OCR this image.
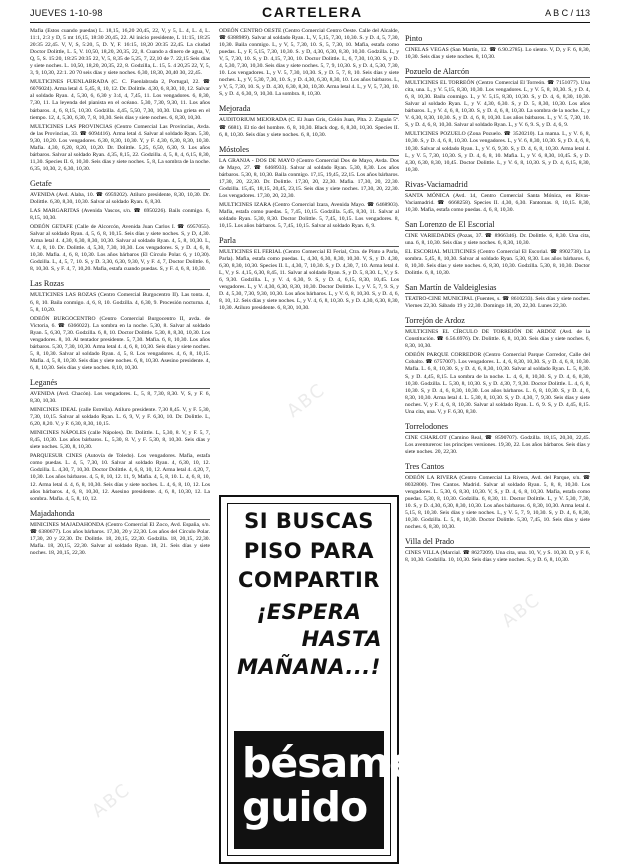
JUEVES 1-10-98	CARTELERA	A B C / 113

Mafia (Estos cuando puedas) L. 18,15, 16,20 20,45, 22, V, y 5, L. 4, L. 4, L. 11:1, 2:3 y D, 5 mt 16,15, 18:30 20,45, 22. Al inicio presidente, L 11:15, 18:25 20:35 22,45. V, V, S, 5:20, 5, D. Y, F. 16:15, 18,20 20:35 22,45. La ciudad Doctor Dolittle, L. 5, V. 10,50, 18,20, 20,35, 22, 8. Cuando a dinero de agua, V, Q, 5, S. 15:20, 18:25 20:35 22, V, 5, 8,35 de 5,25, 7, 22,10 de 7. 22,15 Seis días y siete noches. L. 10,50, 18,20, 20,35, 22, 8. Godzilla, L. 15, 5. 4 20,25 22, Y, 5, 3, 9, 10,30, 22:1. 20 70 seis días y siete noches. 6,30, 18,30, 20,40 30, 22,45.

MULTICINES FUENLABRADA (C. C. Fuenlabrada 2, Portugal, 22. ☎ 6076024). Arma letal 4. 5,45, 8, 10, 12. Dr. Dolittle. 4,30, 6, 8,30, 10, 12. Salvar al soldado Ryan. 4, 5,30, 6, 6,30 y 3:4, 4, 7,45, 11. Los vengadores. 6, 8,30, 7,30, 11. La leyenda del pianista en el océano. 5,30, 7,30, 9,30, 11. Los años bárbaros. 4, 6, 8,15, 10,30. Godzilla. 4,45, 5,50, 7,30, 10,30. Una grieta en el tiempo. 12, 4, 5,30, 6,30, 7, 8, 10,30. Seis días y siete noches. 6, 8,30, 10,30.

MULTICINES LAS PROVINCIAS (Centro Comercial Las Provincias, Avda. de las Provincias, 33. ☎ 6094416). Arma letal 4. Salvar al soldado Ryan. 5,30, 9,30, 10,20. Los vengadores. 6,30, 8,30, 10,30. Y, y F. 4,30, 6,30, 8,30, 10,30. Mafia. 4,30, 6,20, 8,20, 10,20. Dr. Dolittle. 5,25, 6,50, 6,30, 9. Los años bárbaros. Salvar al soldado Ryan. 4,35, 8,15, 22. Godzilla. 4, 5, 8, 4, 6,15, 8,30, 11,30. Species II. 6, 10,30. Seis días y siete noches. 5, 8, La sombra de la noche. 6,35, 10,30, 2, 6,30, 10,30.

Getafe

AVENIDA (Avd. Alaba, 10. ☎ 6959202). Atiluro presidente, 8,30, 10,30. Dr. Dolittle. 6,30, 8,30, 10,30. Salvar al soldado Ryan. 6, 8,30.

LAS MARGARITAS (Avenida Vascos, s/n. ☎ 6950226). Bails conmigo. 6, 8,15, 10,30.

ODEÓN GETAFE (Calle de Alcorcón, Avenida Juan Carlos I. ☎ 6957055). Salvar al soldado Ryan. 4, 5, 6, 8, 10,15. Seis días y siete noches. S, y D, 4,30. Arma letal 4. 4,30, 6,30, 8,30, 10,30. Salvar al soldado Ryan. 4, 5, 8, 10,30. L, V. 4, 8, 10. Dr. Dolittle. 4, 5,30, 7,30, 10,30. Los vengadores. S, y D. 4, 6, 8, 10,30. Mafia. 4, 6, 8, 10,30. Los años bárbaros (El Círculo Polar. 6, y 10,30). Godzilla. L, 4, 5, 7, 10. S, y D. 3,30, 6,30, 9,30, V, y F. 4, 7, Doctor Dolittle. 6, 8, 10,30. S, y F. 4, 7, 10,20. Mafia, estafa cuando puedas. S, y F. 4, 6, 8, 10,30.

Las Rozas

MULTICINES LAS ROZAS (Centro Comercial Burgocentro II). Las tonta. 4, 6, 8, 10. Baila conmigo. 4, 6, 8, 10. Godzilla. 4, 6,30, 9. Procesión nocturna. 4, 5, 8, 10,20.

ODEÓN BURGOCENTRO (Centro Comercial Burgocentro II, avda. de Victoria, 6. ☎ 6366022). La sombra en la noche. 5,30, 8. Salvar al soldado Ryan. 5, 6,30, 7,30. Godzilla. 6, 8, 10. Doctor Dolittle. 5,30, 8, 8,30, 10,30. Los vengadores. 8, 10. Al tentador presidente. 5, 7,30. Mafia. 6, 8, 10,30. Los años bárbaros. 5,30, 7,30, 10,30. Arma letal 4. 4, 6, 8, 10,30. Seis días y siete noches. 5, 8, 10,30. Salvar al soldado Ryan. 4, 5, 8. Los vengadores. 4, 6, 8, 10,15. Mafia. 4, 5, 8, 10,30. Seis días y siete noches. 6, 8, 10,30. Asesino presidente. 4, 6, 8, 10,30. Seis días y siete noches. 8,10, 10,30.

Leganés

AVENIDA (Avd. Chacón). Los vengadores. L, 5, 8, 7,30, 8,30. V, S, y F. 6, 8,30, 10,30.

MINICINES IDEAL (calle Estrella). Atiluro presidente. 7,30 8,45. V, y F. 5,30, 7,30, 10,15. Salvar al soldado Ryan. L. 6, 9, V, y F. 6,30, 10. Dr. Dolittle. L, 6,20, 8,20. V, y F. 6,30, 8,30, 10,15.

MINICINES NÁPOLES (calle Nápoles). Dr. Dolittle. L, 5,30, 8. V, y F. 5, 7, 8,45, 10,30. Los años bárbaros. L, 5,30, 8. V, y F. 5,30, 8, 10,30. Seis días y siete noches. 5,30, 8, 10,30.

PARQUESUR CINES (Autovía de Toledo). Los vengadores. Mafia, estafa como puedas. L. 4, 5, 7,30, 10. Salvar al soldado Ryan. 4, 6,30, 10, 12. Godzilla. L. 4,30, 7, 10,30. Doctor Dolittle. 4, 6, 8, 10, 12. Arma letal 4. 4,20, 7, 10,30. Los años bárbaros. 4, 5, 8, 10, 12. 11, 9, Mafia. 4, 5, 8, 10. L. 4, 6, 8, 10, 12. Arma letal 4. 4, 6, 8, 10,30. Seis días y siete noches. L. 4, 6, 8, 10, 12. Los años bárbaros. 4, 6, 8, 10,30, 12. Asesino presidente. 4, 6, 8, 10,30, 12. La sombra. Mafia. 4, 5, 8, 10, 12.

Majadahonda

MINICINES MAJADAHONDA (Centro Comercial El Zoco, Avd. España, s/n. ☎ 6380677). Los años bárbaros. 17,30, 20 y 22,30. Los años del Círculo Polar. 17,30, 20 y 22,30. Dr. Dolittle. 18, 20,15, 22,30. Godzilla. 18, 20,15, 22,30. Mafia. 18, 20,15, 22,30. Salvar al soldado Ryan. 18, 21. Seis días y siete noches. 18, 20,15, 22,30.

ODEÓN CENTRO OESTE (Centro Comercial Centro Oeste. Calle del Alcalde, ☎ 6388989). Salvar al soldado Ryan. L, V, 5,15, 7,30, 10,30. S. y D. 4, 5, 7,30, 10,30. Baila conmigo. L, y V, 5, 7,30, 10. S, 5, 7,30, 10. Mafia, estafa como puedas. L, y F, 5,15, 7,30, 10,30. S. y D, 4,30, 6,30, 8,30, 10,30. Godzilla. L, y V, 5, 7,30, 10. S, y D. 4,15, 7,30, 10. Doctor Dolittle. L, 6, 7,30, 10,30. S, y D. 4, 5,30, 7,30, 10,30. Seis días y siete noches. 5, 7, 9, 10,30. S, y D. 4, 5,30, 7,30, 10. Los vengadores. L, y V. 5, 7,30, 10,30. S, y D. 5, 7, 8, 10. Seis días y siete noches. L, y V, 5,30, 7,30, 10. S, y D. 4,30, 6,30, 8,30, 10. Los años bárbaros. L, y V, 5, 7,30, 10. S, y D. 4,30, 6,30, 8,30, 10,30. Arma letal 4. L, y V, 5, 7,30, 10. S, y D. 4, 6,30, 9, 10,30. La sombra. 8, 10,30.

Mejorada

AUDITORIUM MEJORADA (C. El Juan Gris, Colón Juan, Plta. 2. Zaguán 5ª. ☎ 6681). El tío del hombre. 6, 8, 10,30. Black dog. 6, 8,30, 10,30. Species II. 6, 8, 10,30. Seis días y siete noches. 6, 8, 10,30.

Móstoles

LA GRANJA - DOS DE MAYO (Centro Comercial Dos de Mayo, Avda. Dos de Mayo, 27. ☎ 6468933). Salvar al soldado Ryan. 5,30, 8,30. Los años bárbaros. 5,30, 8, 10,30. Baila conmigo. 17,15, 19,45, 22,15. Los años bárbaros. 17,30, 20, 22,30. Dr. Dolittle. 17,30, 20, 22,30. Mafia. 17,30, 20, 22,30. Godzilla. 15,45, 18,15, 20,45, 23,15. Seis días y siete noches. 17,30, 20, 22,30. Los vengadores. 17,30, 20, 22,30.

MULTICINES IZARA (Centro Comercial Izara, Avenida Mayo. ☎ 6468903). Mafia, estafa como puedas. 5, 7,45, 10,15. Godzilla. 5,45, 8,30, 11. Salvar al soldado Ryan. 5,30, 8,30. Doctor Dolittle. 5, 7,45, 10,15. Los vengadores. 8, 10,15. Los años bárbaros. 5, 7,45, 10,15. Salvar al soldado Ryan. 6, 9.

Parla

MULTICINES EL FERIAL (Centro Comercial El Ferial, Ctra. de Pinto a Parla, Parla). Mafia, estafa como puedas. L, 4,30, 6,30, 8,30, 10,30. V, S, y D. 4,30, 6,30, 8,30, 10,30. Species II. L, 4,30, 7, 10,30. S, y D. 4,30, 7, 10. Arma letal 4. L, V, y S. 4,15, 6,30, 8,45, 11. Salvar al soldado Ryan. S, y D. 5, 8,30. L, V, y S. 6, 9,30. Godzilla. L, y V. 4, 6,30, 9. S, y D. 4, 6,15, 8,30, 10,45. Los vengadores. L, y V. 4,30, 6,30, 8,30, 10,30. Doctor Dolittle. L, y V. 5, 7, 9. S, y D. 4, 5,30, 7,30, 9,30, 10,30. Los años bárbaros. L, y V. 6, 8, 10,30. S, y D. 4, 6, 8, 10, 12. Seis días y siete noches. L, y V. 4, 6, 8, 10,30. S, y D. 4,30, 6,30, 8,30, 10,30. Atiluro presidente. 6, 8,30, 10,30.

Pinto

CINELAS VEGAS (San Martín, 12. ☎ 6.90.2785). Lo siento. V, D, y F. 6, 8,30, 10,30. Seis días y siete noches. 8, 10,30.

Pozuelo de Alarcón

MULTICINES EL TORREÓN (Centro Comercial El Torreón. ☎ 7151077). Una cita, una. L, y V. 5,15, 8,30, 10,30. Los vengadores. L, y V. 5, 8, 10,30. S, y D. 4, 6, 8, 10,30. Baila conmigo. L, y V. 5,15, 8,30, 10,30. S, y D. 4, 6, 8,30, 10,30. Salvar al soldado Ryan. L, y V. 4,30, 6,30. S, y D. 5, 8,30, 10,30. Los años bárbaros. L, y V. 4, 6, 8, 10,30. S, y D. 4, 6, 8, 10,30. La sombra de la noche. L, y V. 6,30, 8,30, 10,30. S, y D. 4, 6, 8, 10,30. Los años bárbaros. L, y V. 5, 7,30, 10. S, y D. 4, 6, 8, 10,30. Salvar al soldado Ryan. L, y V. 6, 9. S, y D. 4, 6, 9.

MULTICINES POZUELO (Zona Pozuelo. ☎ 3520210). La mama. L, y V. 6, 8, 10,30. S, y D. 4, 6, 8, 10,30. Los vengadores. L, y V. 6, 8,30, 10,30. S, y D. 4, 6, 8, 10,30. Salvar al soldado Ryan. L, y V. 6, 9,30. S, y D. 4, 6, 8, 10,30. Arma letal 4. L, y V. 5, 7,30, 10,30. S, y D. 4, 6, 8, 10. Mafia. L, y V. 6, 8,30, 10,45. S, y D. 4,30, 6,30, 8,30, 10,45. Doctor Dolittle. L, y V. 6, 8, 10,30. S, y D. 4, 6,15, 8,30, 10,30.

Rivas-Vaciamadrid

SANTA MÓNICA (Avd. 14, Centro Comercial Santa Mónica, en Rivas-Vaciamadrid. ☎ 6668258). Species II. 4,30, 6,30. Fantomas. 8, 10,15. 8,30, 10,30. Mafia, estafa como puedas. 4, 6, 8, 10,30.

San Lorenzo de El Escorial

CINE VARIEDADES (Pozas, 37. ☎ 8966346). Dr. Dolittle. 6, 8,30. Una cita, una. 6, 8, 10,30. Seis días y siete noches. 6, 8,30, 10,30.

EL ESCORIAL MULTICINES (Centro Comercial El Escorial. ☎ 8902738). La sombra. 5,45, 8, 10,30. Salvar al soldado Ryan. 5,30, 8,30. Los años bárbaros. 6, 8, 10,30. Seis días y siete noches. 6, 8,30, 10,30. Godzilla. 5,30, 8, 10,30. Doctor Dolittle. 6, 8, 10,30.

San Martín de Valdeiglesias

TEATRO-CINE MUNICIPAL (Fuentes, s. ☎ 8610233). Seis días y siete noches. Viernes 22,30. Sábado 19 y 22,30. Domingo 18, 20, 22,30. Lunes 22,30.

Torrejón de Ardoz

MULTICINES EL CÍRCULO DE TORREJÓN DE ARDOZ (Avd. de la Constitución. ☎ 6.56.6976). Dr. Dolittle. 6, 8, 10,30. Seis días y siete noches. 6, 8,30, 10,30.

ODEÓN PARQUE CORREDOR (Centro Comercial Parque Corredor, Calle del Cobalto. ☎ 6757007). Los vengadores. L. 4, 6, 8,30, 10,30. S, y D. 4, 6, 8, 10,30. Mafia. L. 6, 8, 10,30. S, y D. 4, 6, 8,30, 10,30. Salvar al soldado Ryan. L. 5, 8,30. S, y D. 4,45, 8,15. La sombra de la noche. L. 4, 6, 8, 10,30. S, y D. 4, 6, 8,30, 10,30. Godzilla. L. 5,30, 8, 10,30. S, y D. 4,30, 7, 9,30. Doctor Dolittle. L. 4, 6, 8, 10,30. S, y D. 4, 6, 8,30, 10,30. Los años bárbaros. L. 6, 8, 10,30. S, y D. 4, 6, 8,30, 10,30. Arma letal 4. L. 5,30, 8, 10,30. S, y D. 4,30, 7, 9,30. Seis días y siete noches. V, y F. 4, 6, 8, 10,30. Salvar al soldado Ryan. L. 6, 9. S, y D. 4,45, 8,15. Una cita, una. V, y F. 6,30, 8,30.

Torrelodones

CINE CHARLOT (Camino Real, ☎ 8590707). Godzilla. 18,15, 20,30, 22,45. Los aventureros: los principes versiones. 19,30, 22. Los años bárbaros. Seis días y siete noches. 20, 22,30.

Tres Cantos

ODEÓN LA RIVERA (Centro Comercial La Rivera, Avd. del Parque, s/n. ☎ 8032800). Tres Cantos. Madrid. Salvar al soldado Ryan. 5, 8, 8, 10,30. Los vengadores. L. 5,30, 6, 8,30, 10,30. V, S, y D. 4, 6, 8, 10,30. Mafia, estafa como puedas. 5,30, 8, 10,30. Godzilla. 6, 8,30, 11. Doctor Dolittle. L, y V. 5,30, 7,30, 10. S, y D. 4,30, 6,30, 8,30, 10,30. Los años bárbaros. 6, 8,30, 10,30. Arma letal 4. 5,15, 8, 10,30. Seis días y siete noches. L, y V. 5, 7, 9, 10,30. S, y D. 4, 6, 8,30, 10,30. Godzilla. L. 5, 8, 10,30. Doctor Dolittle. 5,30, 7,45, 10. Seis días y siete noches. 6, 8,30, 10,30.

Villa del Prado

CINES VILLA (Marcial. ☎ 8627209). Una cita, una. 10, V, y S. 10,30. D, y F. 6, 8, 10,30. Godzilla. 10, 10,30. Seis días y siete noches. S, y D. 6, 8, 10,30.

SI BUSCAS
PISO PARA
COMPARTIR
¡ESPERA
HASTA
MAÑANA...!
bésame
guido
ABC
ABC
ABC
